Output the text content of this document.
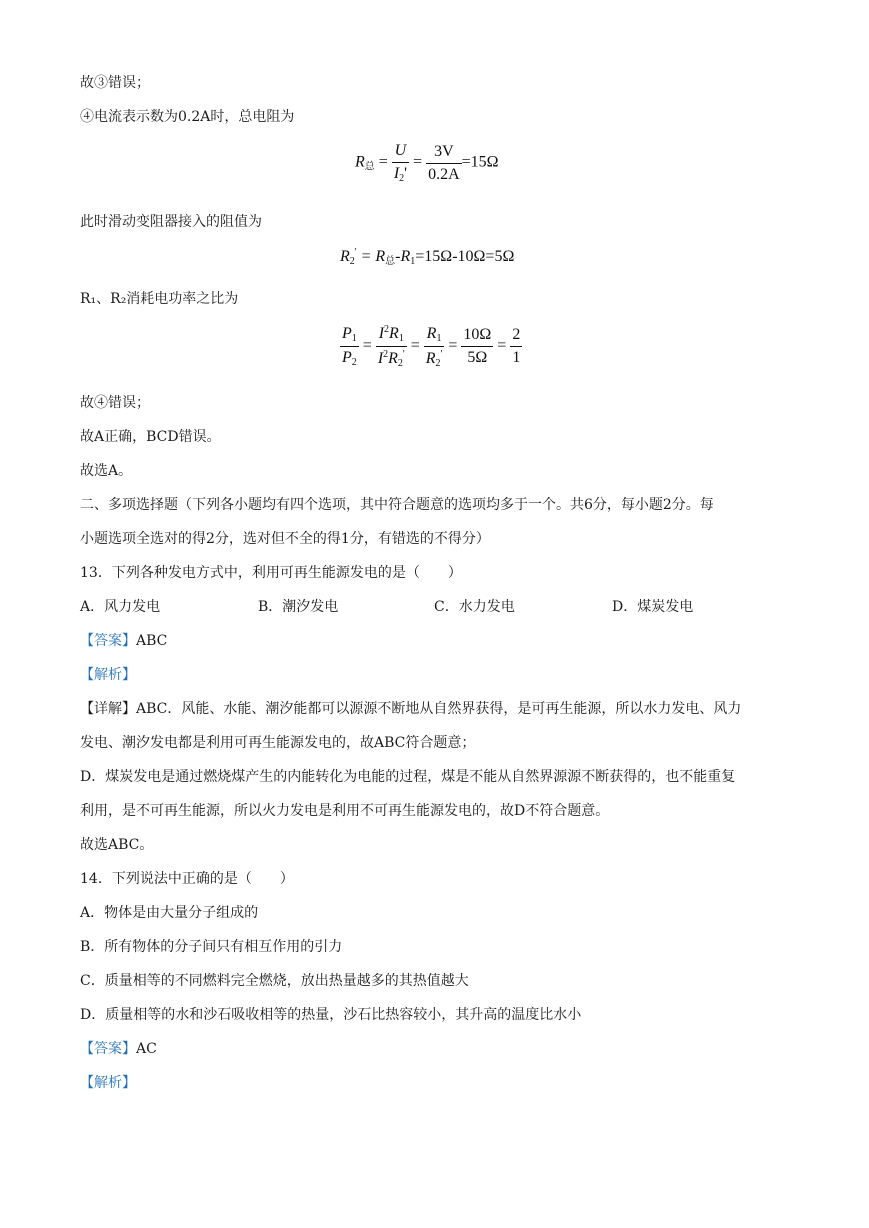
故③错误；
④电流表示数为0.2A时，总电阻为
$R_总 = \frac{U}{I_2'} = \frac{3V}{0.2A} =15\Omega$
此时滑动变阻器接入的阻值为
$R_2' = R_总-R_1=15\Omega-10\Omega=5\Omega$
R₁、R₂消耗电功率之比为
$\frac{P_1}{P_2} = \frac{I^2R_1}{I^2R_2'} = \frac{R_1}{R_2'} = \frac{10\Omega}{5\Omega} = \frac{2}{1}$
故④错误；
故A正确，BCD错误。
故选A。
二、多项选择题（下列各小题均有四个选项，其中符合题意的选项均多于一个。共6分，每小题2分。每
小题选项全选对的得2分，选对但不全的得1分，有错选的不得分）
13．下列各种发电方式中，利用可再生能源发电的是（　　）
A．风力发电	B．潮汐发电	C．水力发电	D．煤炭发电
【答案】ABC
【解析】
【详解】ABC．风能、水能、潮汐能都可以源源不断地从自然界获得，是可再生能源，所以水力发电、风力
发电、潮汐发电都是利用可再生能源发电的，故ABC符合题意；
D．煤炭发电是通过燃烧煤产生的内能转化为电能的过程，煤是不能从自然界源源不断获得的，也不能重复
利用，是不可再生能源，所以火力发电是利用不可再生能源发电的，故D不符合题意。
故选ABC。
14．下列说法中正确的是（　　）
A．物体是由大量分子组成的
B．所有物体的分子间只有相互作用的引力
C．质量相等的不同燃料完全燃烧，放出热量越多的其热值越大
D．质量相等的水和沙石吸收相等的热量，沙石比热容较小，其升高的温度比水小
【答案】AC
【解析】
